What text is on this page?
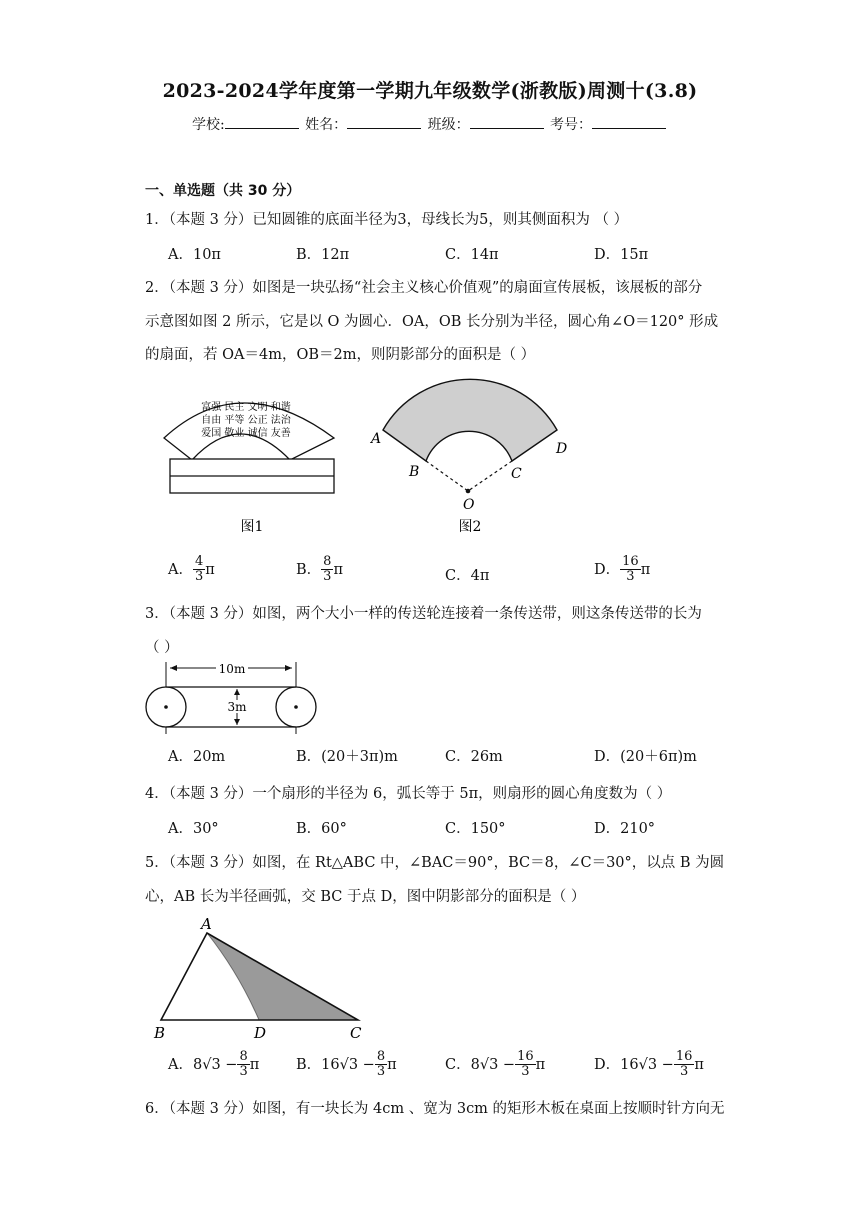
2023-2024学年度第一学期九年级数学(浙教版)周测十(3.8)
学校:	姓名：	班级：	考号：
一、单选题（共 30 分）
1．（本题 3 分）已知圆锥的底面半径为3，母线长为5，则其侧面积为 （ ）
A．10π	B．12π	C．14π	D．15π
2．（本题 3 分）如图是一块弘扬“社会主义核心价值观”的扇面宣传展板，该展板的部分
示意图如图 2 所示，它是以 O 为圆心．OA，OB 长分别为半径，圆心角∠O＝120° 形成
的扇面，若 OA＝4m，OB＝2m，则阴影部分的面积是（ ）
富强 民主 文明 和谐
自由 平等 公正 法治
爱国 敬业 诚信 友善
图1
A
B	C
D
O
图2
A． $\frac{4}{3}$ π	B． $\frac{8}{3}$ π	C．4π	D． $\frac{16}{3}$ π
3．（本题 3 分）如图，两个大小一样的传送轮连接着一条传送带，则这条传送带的长为
（ ）
10m
3m
A．20m	B．(20＋3π)m	C．26m	D．(20＋6π)m
4．（本题 3 分）一个扇形的半径为 6，弧长等于 5π，则扇形的圆心角度数为（ ）
A．30°	B．60°	C．150°	D．210°
5．（本题 3 分）如图，在 Rt△ABC 中，∠BAC＝90°，BC＝8，∠C＝30°，以点 B 为圆
心，AB 长为半径画弧，交 BC 于点 D，图中阴影部分的面积是（ ）
A
B	D	C
A．$8√3 - \frac{8}{3}$ π	B．$16√3 - \frac{8}{3}$ π	C．$8√3 - \frac{16}{3}$ π	D．$16√3 - \frac{16}{3}$ π
6．（本题 3 分）如图，有一块长为 4cm 、宽为 3cm 的矩形木板在桌面上按顺时针方向无
